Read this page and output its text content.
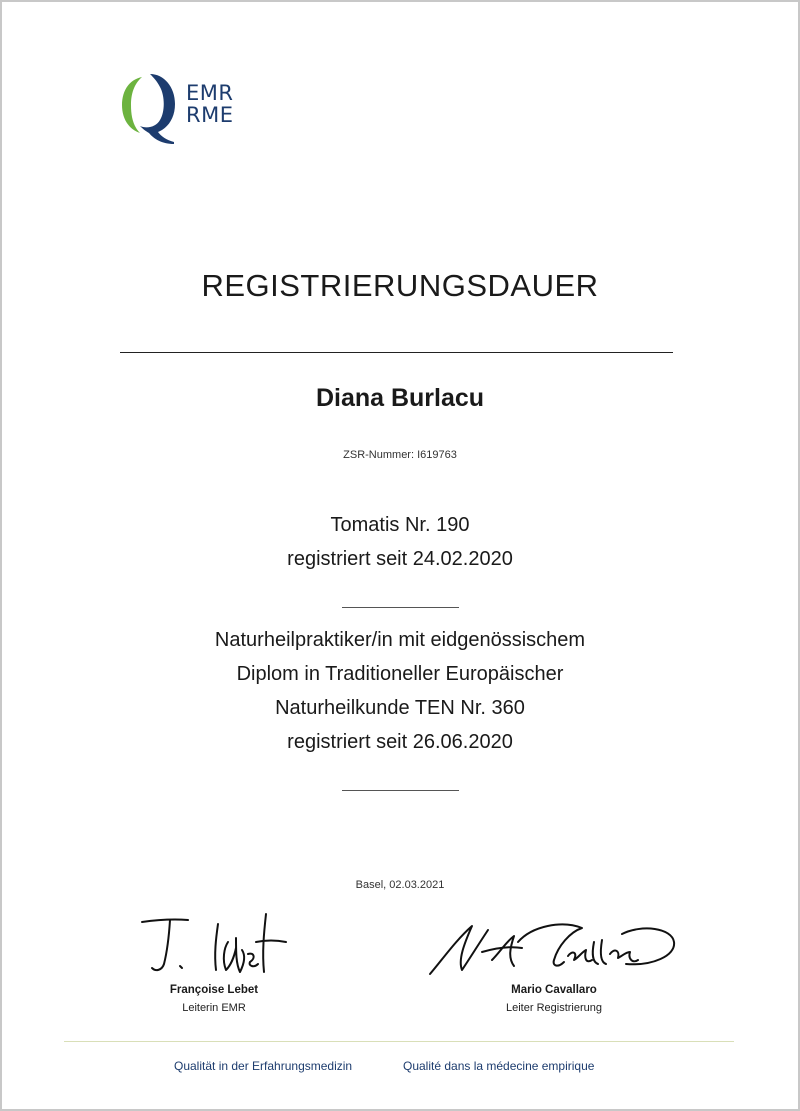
EMR
RME
REGISTRIERUNGSDAUER
Diana Burlacu
ZSR-Nummer: I619763
Tomatis Nr. 190
registriert seit 24.02.2020
Naturheilpraktiker/in mit eidgenössischem
Diplom in Traditioneller Europäischer
Naturheilkunde TEN Nr. 360
registriert seit 26.06.2020
Basel, 02.03.2021
Françoise Lebet
Leiterin EMR
Mario Cavallaro
Leiter Registrierung
Qualität in der Erfahrungsmedizin	Qualité dans la médecine empirique
